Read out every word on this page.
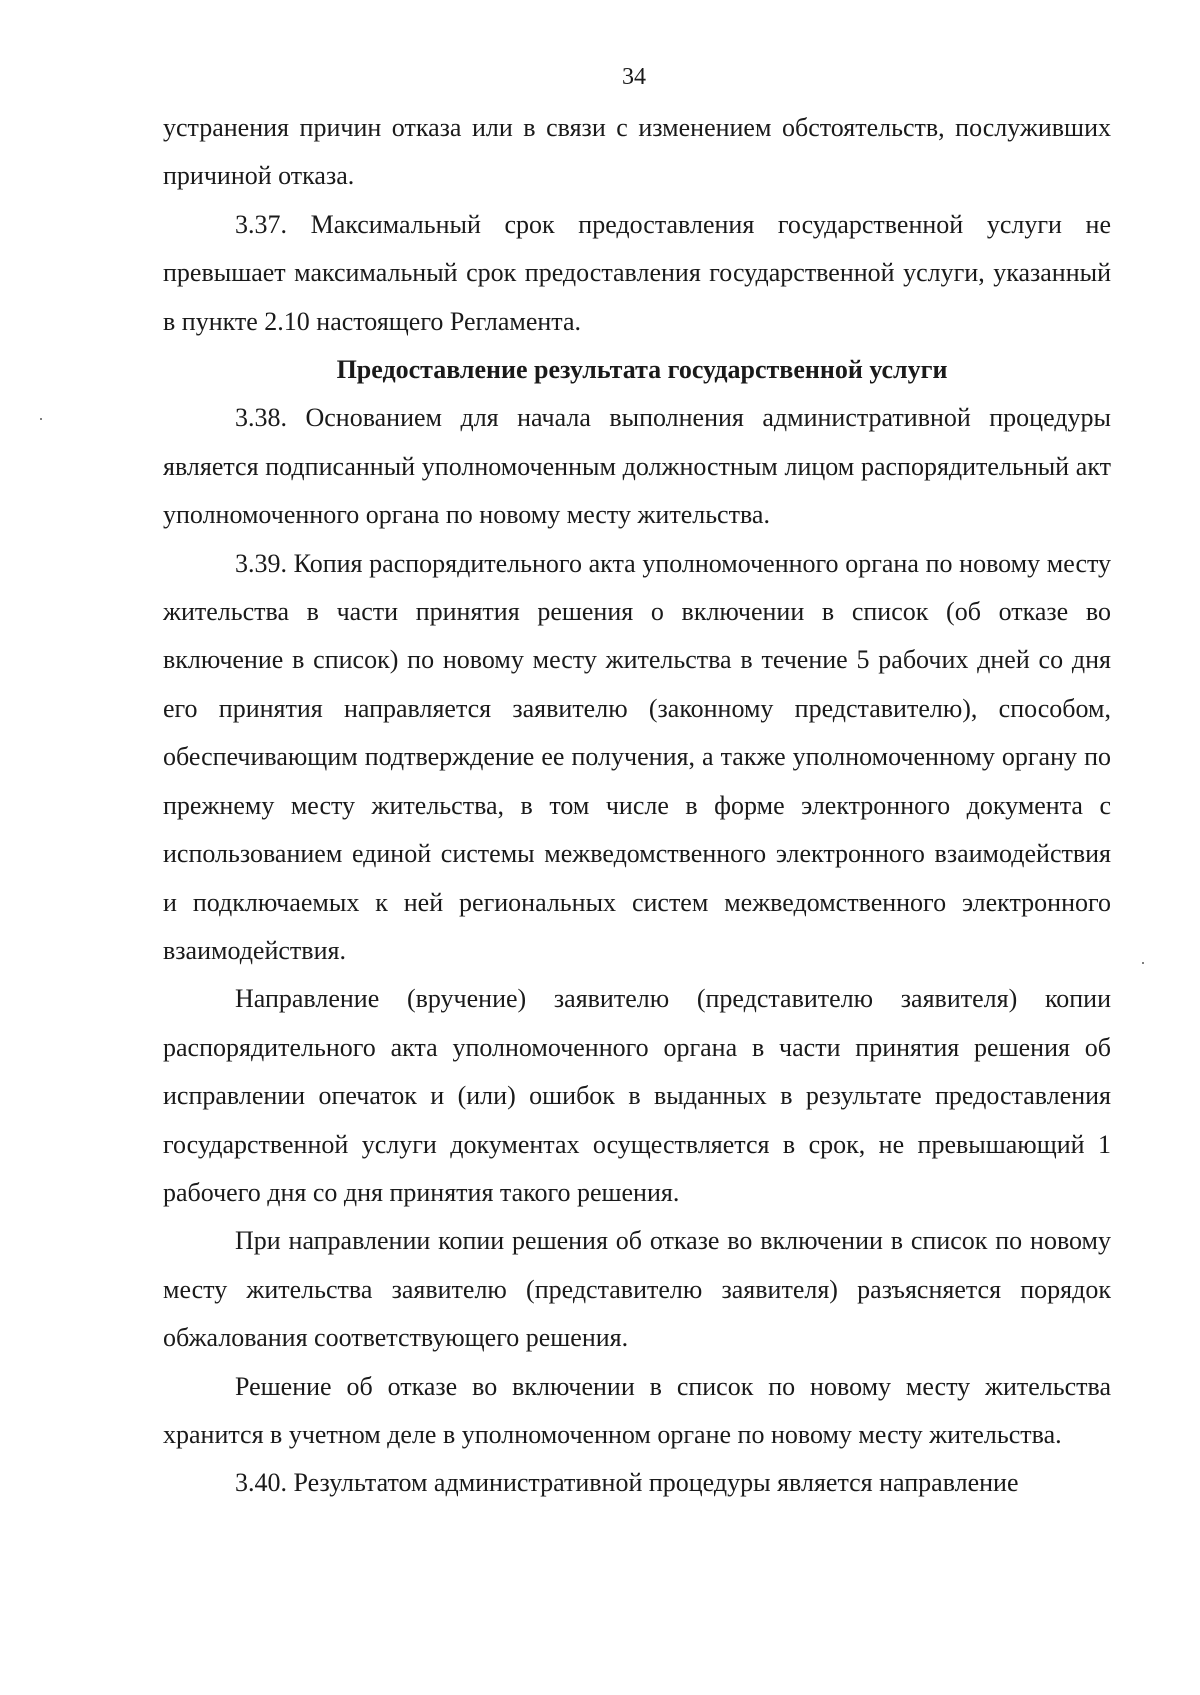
34

устранения причин отказа или в связи с изменением обстоятельств, послуживших причиной отказа.

3.37. Максимальный срок предоставления государственной услуги не превышает максимальный срок предоставления государственной услуги, указанный в пункте 2.10 настоящего Регламента.

Предоставление результата государственной услуги

3.38. Основанием для начала выполнения административной процедуры является подписанный уполномоченным должностным лицом распорядительный акт уполномоченного органа по новому месту жительства.

3.39. Копия распорядительного акта уполномоченного органа по новому месту жительства в части принятия решения о включении в список (об отказе во включение в список) по новому месту жительства в течение 5 рабочих дней со дня его принятия направляется заявителю (законному представителю), способом, обеспечивающим подтверждение ее получения, а также уполномоченному органу по прежнему месту жительства, в том числе в форме электронного документа с использованием единой системы межведомственного электронного взаимодействия и подключаемых к ней региональных систем межведомственного электронного взаимодействия.

Направление (вручение) заявителю (представителю заявителя) копии распорядительного акта уполномоченного органа в части принятия решения об исправлении опечаток и (или) ошибок в выданных в результате предоставления государственной услуги документах осуществляется в срок, не превышающий 1 рабочего дня со дня принятия такого решения.

При направлении копии решения об отказе во включении в список по новому месту жительства заявителю (представителю заявителя) разъясняется порядок обжалования соответствующего решения.

Решение об отказе во включении в список по новому месту жительства хранится в учетном деле в уполномоченном органе по новому месту жительства.

3.40. Результатом административной процедуры является направление
